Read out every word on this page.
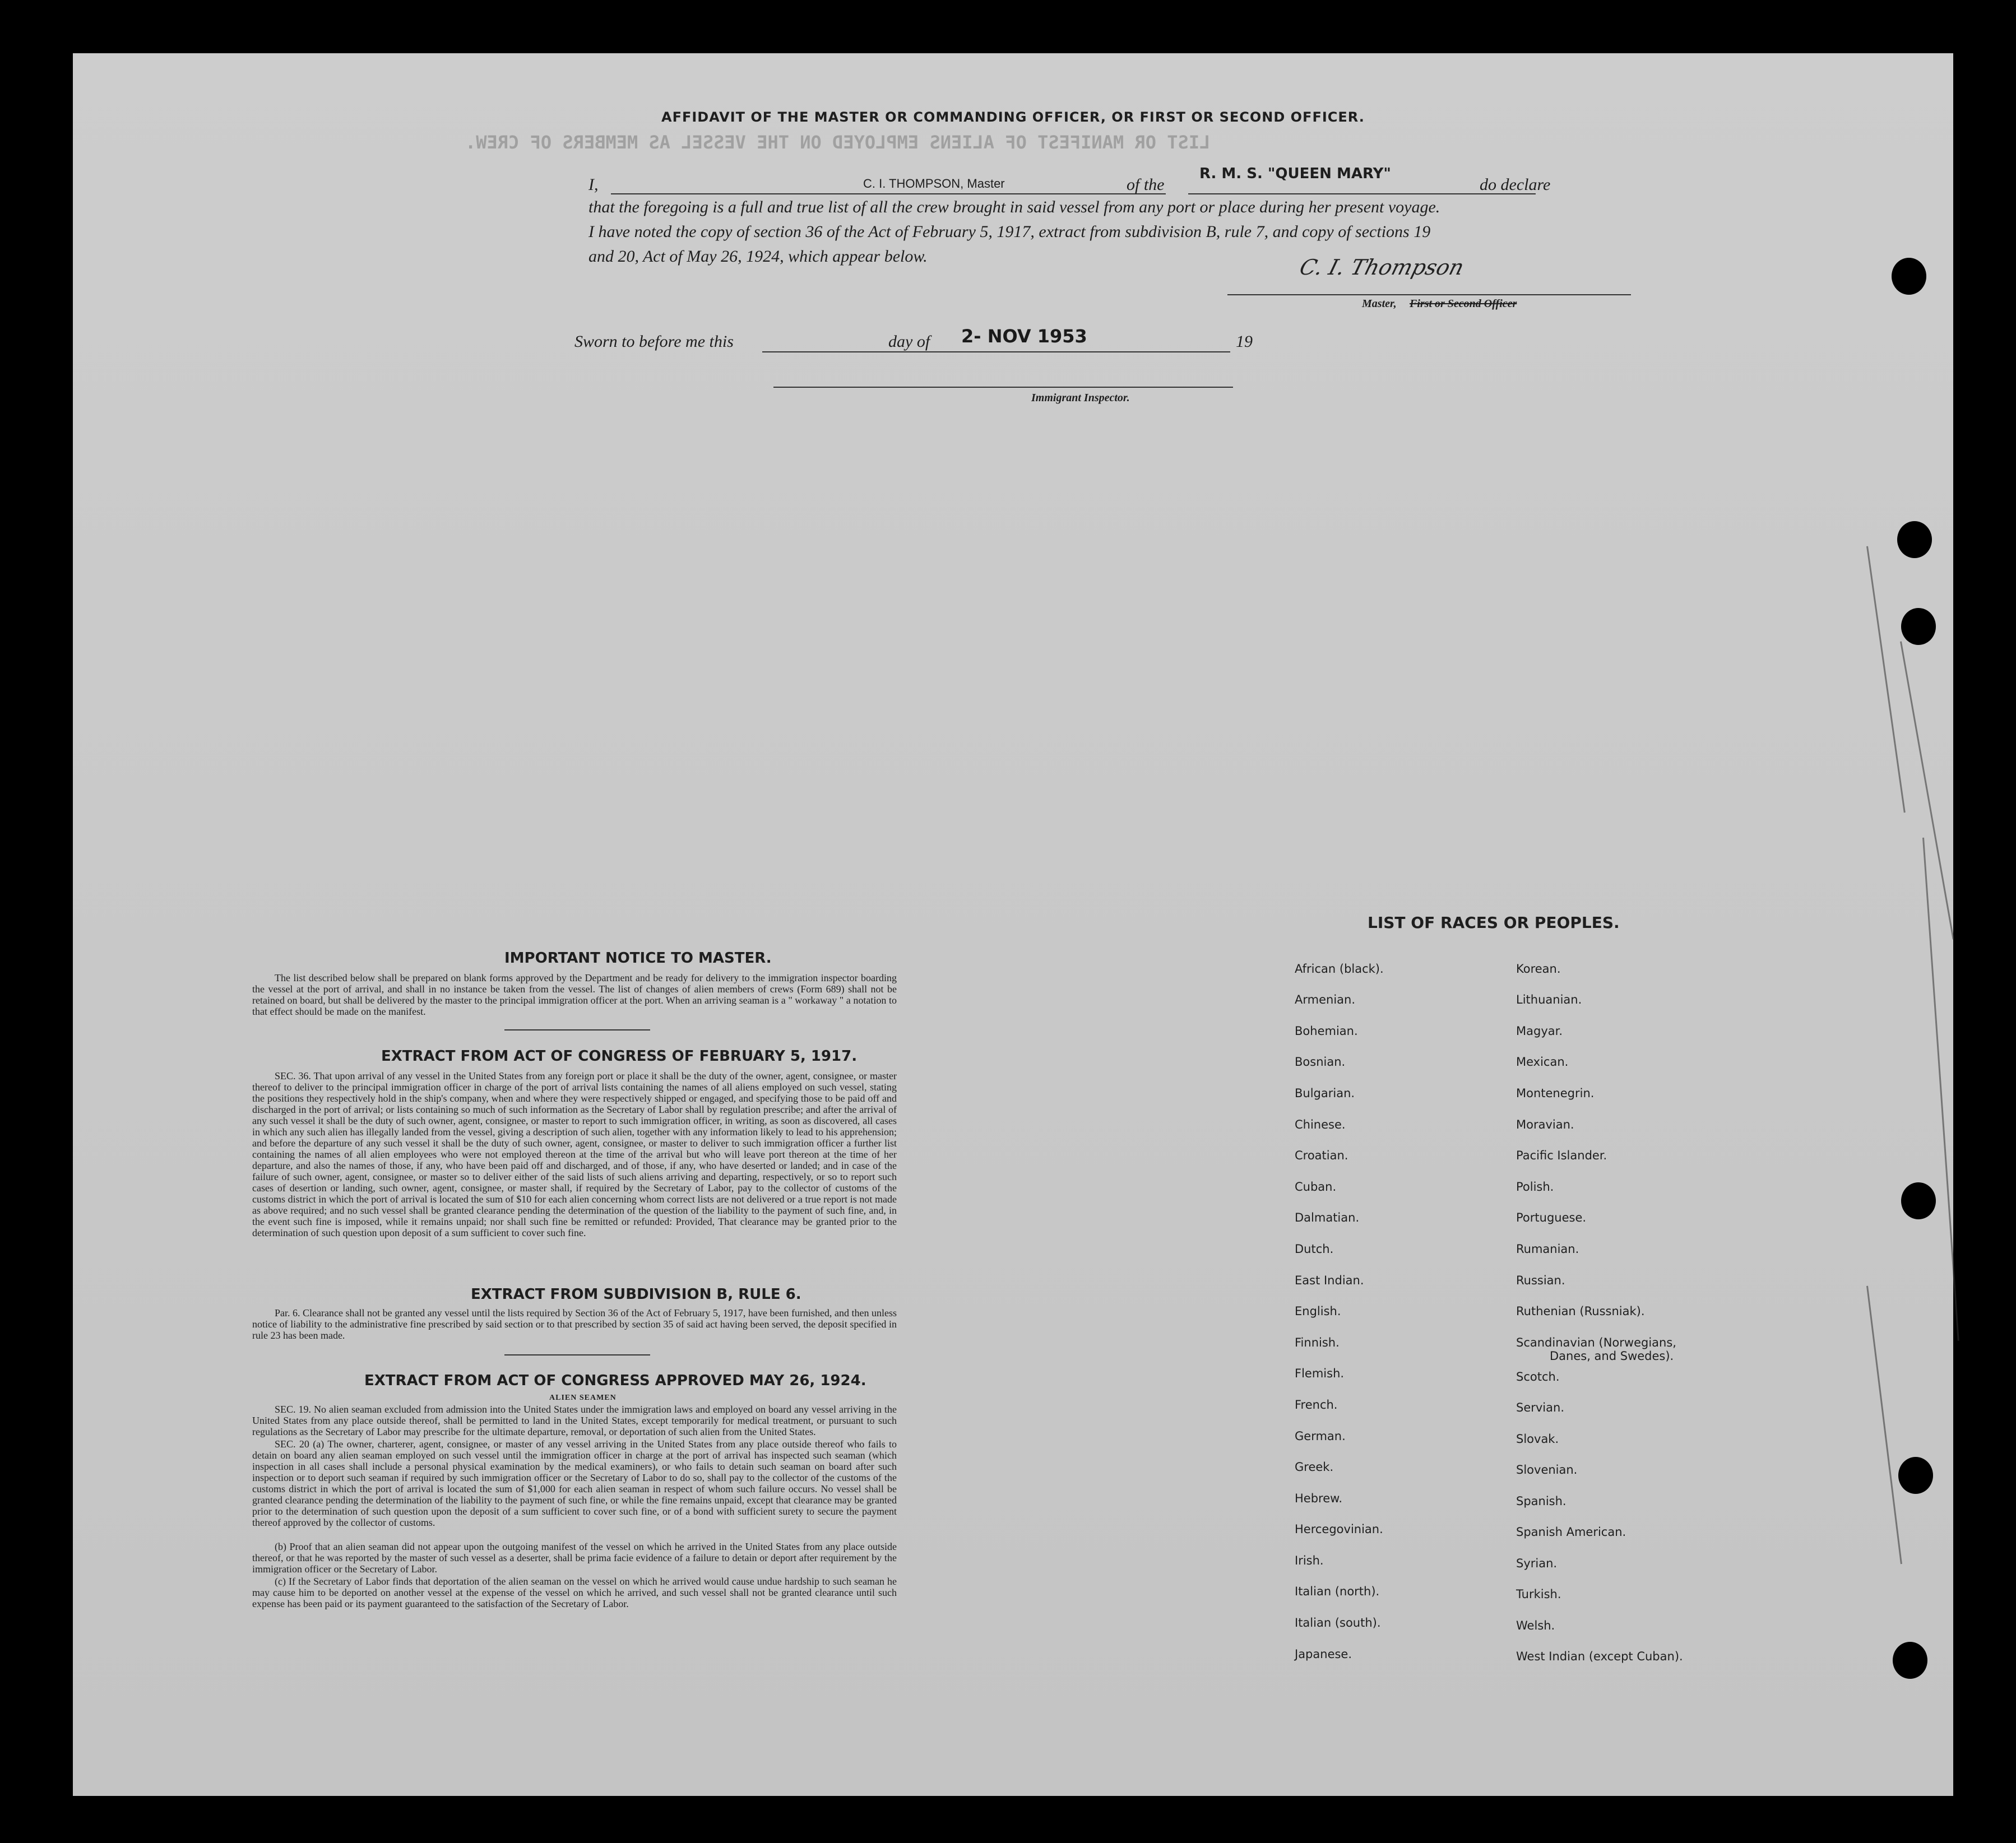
LIST OR MANIFEST OF ALIENS EMPLOYED ON THE VESSEL AS MEMBERS OF CREW.
AFFIDAVIT OF THE MASTER OR COMMANDING OFFICER, OR FIRST OR SECOND OFFICER.
I,	C. I. THOMPSON, Master	of the
R. M. S. "QUEEN MARY"
do declare
that the foregoing is a full and true list of all the crew brought in said vessel from any port or place during her present voyage.
I have noted the copy of section 36 of the Act of February 5, 1917, extract from subdivision B, rule 7, and copy of sections 19
and 20, Act of May 26, 1924, which appear below.	C. I. Thompson
Master, First or Second Officer
Sworn to before me this	day of 2- NOV 1953	19
Immigrant Inspector.
IMPORTANT NOTICE TO MASTER.
The list described below shall be prepared on blank forms approved by the Department and be ready for delivery to the immigration inspector boarding the vessel at the port of arrival, and shall in no instance be taken from the vessel. The list of changes of alien members of crews (Form 689) shall not be retained on board, but shall be delivered by the master to the principal immigration officer at the port. When an arriving seaman is a " workaway " a notation to that effect should be made on the manifest.
EXTRACT FROM ACT OF CONGRESS OF FEBRUARY 5, 1917.
SEC. 36. That upon arrival of any vessel in the United States from any foreign port or place it shall be the duty of the owner, agent, consignee, or master thereof to deliver to the principal immigration officer in charge of the port of arrival lists containing the names of all aliens employed on such vessel, stating the positions they respectively hold in the ship's company, when and where they were respectively shipped or engaged, and specifying those to be paid off and discharged in the port of arrival; or lists containing so much of such information as the Secretary of Labor shall by regulation prescribe; and after the arrival of any such vessel it shall be the duty of such owner, agent, consignee, or master to report to such immigration officer, in writing, as soon as discovered, all cases in which any such alien has illegally landed from the vessel, giving a description of such alien, together with any information likely to lead to his apprehension; and before the departure of any such vessel it shall be the duty of such owner, agent, consignee, or master to deliver to such immigration officer a further list containing the names of all alien employees who were not employed thereon at the time of the arrival but who will leave port thereon at the time of her departure, and also the names of those, if any, who have been paid off and discharged, and of those, if any, who have deserted or landed; and in case of the failure of such owner, agent, consignee, or master so to deliver either of the said lists of such aliens arriving and departing, respectively, or so to report such cases of desertion or landing, such owner, agent, consignee, or master shall, if required by the Secretary of Labor, pay to the collector of customs of the customs district in which the port of arrival is located the sum of $10 for each alien concerning whom correct lists are not delivered or a true report is not made as above required; and no such vessel shall be granted clearance pending the determination of the question of the liability to the payment of such fine, and, in the event such fine is imposed, while it remains unpaid; nor shall such fine be remitted or refunded: Provided, That clearance may be granted prior to the determination of such question upon deposit of a sum sufficient to cover such fine.
EXTRACT FROM SUBDIVISION B, RULE 6.
Par. 6. Clearance shall not be granted any vessel until the lists required by Section 36 of the Act of February 5, 1917, have been furnished, and then unless notice of liability to the administrative fine prescribed by said section or to that prescribed by section 35 of said act having been served, the deposit specified in rule 23 has been made.
EXTRACT FROM ACT OF CONGRESS APPROVED MAY 26, 1924.
ALIEN SEAMEN
SEC. 19. No alien seaman excluded from admission into the United States under the immigration laws and employed on board any vessel arriving in the United States from any place outside thereof, shall be permitted to land in the United States, except temporarily for medical treatment, or pursuant to such regulations as the Secretary of Labor may prescribe for the ultimate departure, removal, or deportation of such alien from the United States.
SEC. 20 (a) The owner, charterer, agent, consignee, or master of any vessel arriving in the United States from any place outside thereof who fails to detain on board any alien seaman employed on such vessel until the immigration officer in charge at the port of arrival has inspected such seaman (which inspection in all cases shall include a personal physical examination by the medical examiners), or who fails to detain such seaman on board after such inspection or to deport such seaman if required by such immigration officer or the Secretary of Labor to do so, shall pay to the collector of the customs of the customs district in which the port of arrival is located the sum of $1,000 for each alien seaman in respect of whom such failure occurs. No vessel shall be granted clearance pending the determination of the liability to the payment of such fine, or while the fine remains unpaid, except that clearance may be granted prior to the determination of such question upon the deposit of a sum sufficient to cover such fine, or of a bond with sufficient surety to secure the payment thereof approved by the collector of customs.
(b) Proof that an alien seaman did not appear upon the outgoing manifest of the vessel on which he arrived in the United States from any place outside thereof, or that he was reported by the master of such vessel as a deserter, shall be prima facie evidence of a failure to detain or deport after requirement by the immigration officer or the Secretary of Labor.
(c) If the Secretary of Labor finds that deportation of the alien seaman on the vessel on which he arrived would cause undue hardship to such seaman he may cause him to be deported on another vessel at the expense of the vessel on which he arrived, and such vessel shall not be granted clearance until such expense has been paid or its payment guaranteed to the satisfaction of the Secretary of Labor.
LIST OF RACES OR PEOPLES.
African (black).
Armenian.
Bohemian.
Bosnian.
Bulgarian.
Chinese.
Croatian.
Cuban.
Dalmatian.
Dutch.
East Indian.
English.
Finnish.
Flemish.
French.
German.
Greek.
Hebrew.
Hercegovinian.
Irish.
Italian (north).
Italian (south).
Japanese.
Korean.
Lithuanian.
Magyar.
Mexican.
Montenegrin.
Moravian.
Pacific Islander.
Polish.
Portuguese.
Rumanian.
Russian.
Ruthenian (Russniak).
Scandinavian (Norwegians,
Danes, and Swedes).
Scotch.
Servian.
Slovak.
Slovenian.
Spanish.
Spanish American.
Syrian.
Turkish.
Welsh.
West Indian (except Cuban).
